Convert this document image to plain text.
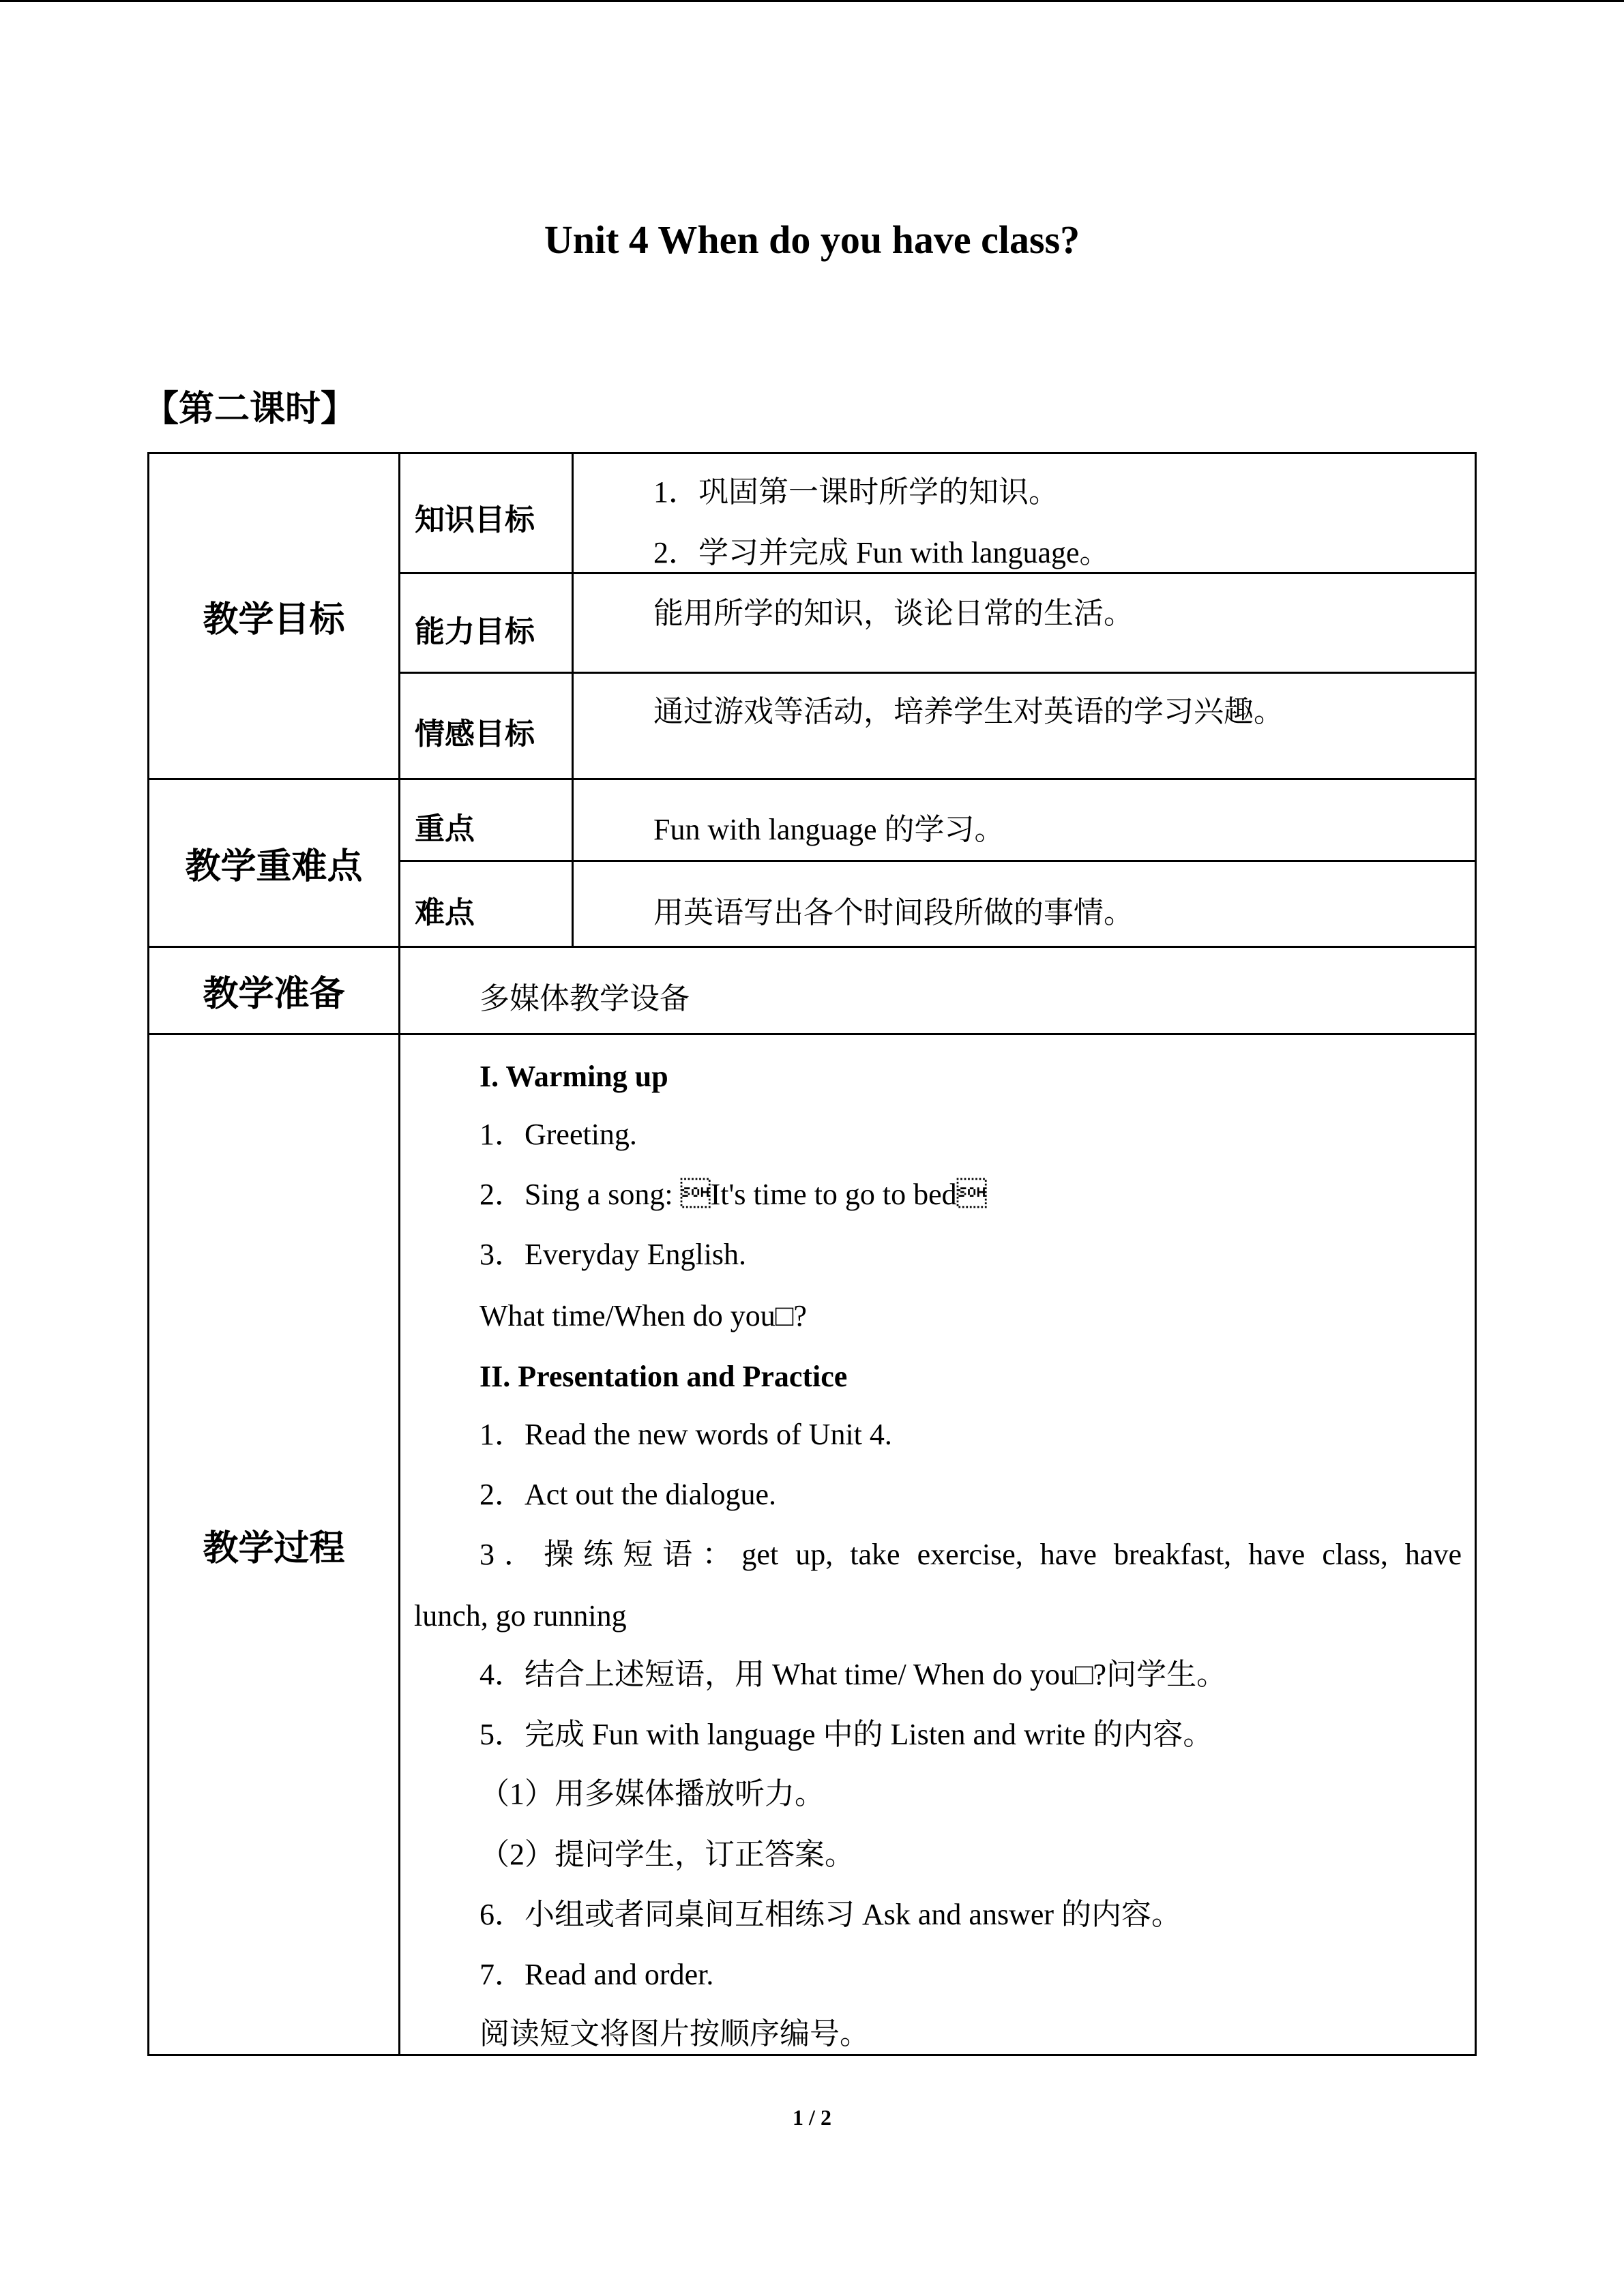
Unit 4 When do you have class?
【第二课时】
教学目标
教学重难点
教学准备
教学过程
知识目标
能力目标
情感目标
重点
难点
1．巩固第一课时所学的知识。
2．学习并完成 Fun with language。
能用所学的知识，谈论日常的生活。
通过游戏等活动，培养学生对英语的学习兴趣。
Fun with language 的学习。
用英语写出各个时间段所做的事情。
多媒体教学设备
I. Warming up
1．Greeting.
2．Sing a song: It's time to go to bed
3．Everyday English.
What time/When do you□?
II. Presentation and Practice
1．Read the new words of Unit 4.
2．Act out the dialogue.
3．操练短语：get up, take exercise, have breakfast, have class, have
lunch, go running
4．结合上述短语，用 What time/ When do you□?问学生。
5．完成 Fun with language 中的 Listen and write 的内容。
（1）用多媒体播放听力。
（2）提问学生，订正答案。
6．小组或者同桌间互相练习 Ask and answer 的内容。
7．Read and order.
阅读短文将图片按顺序编号。
1 / 2
